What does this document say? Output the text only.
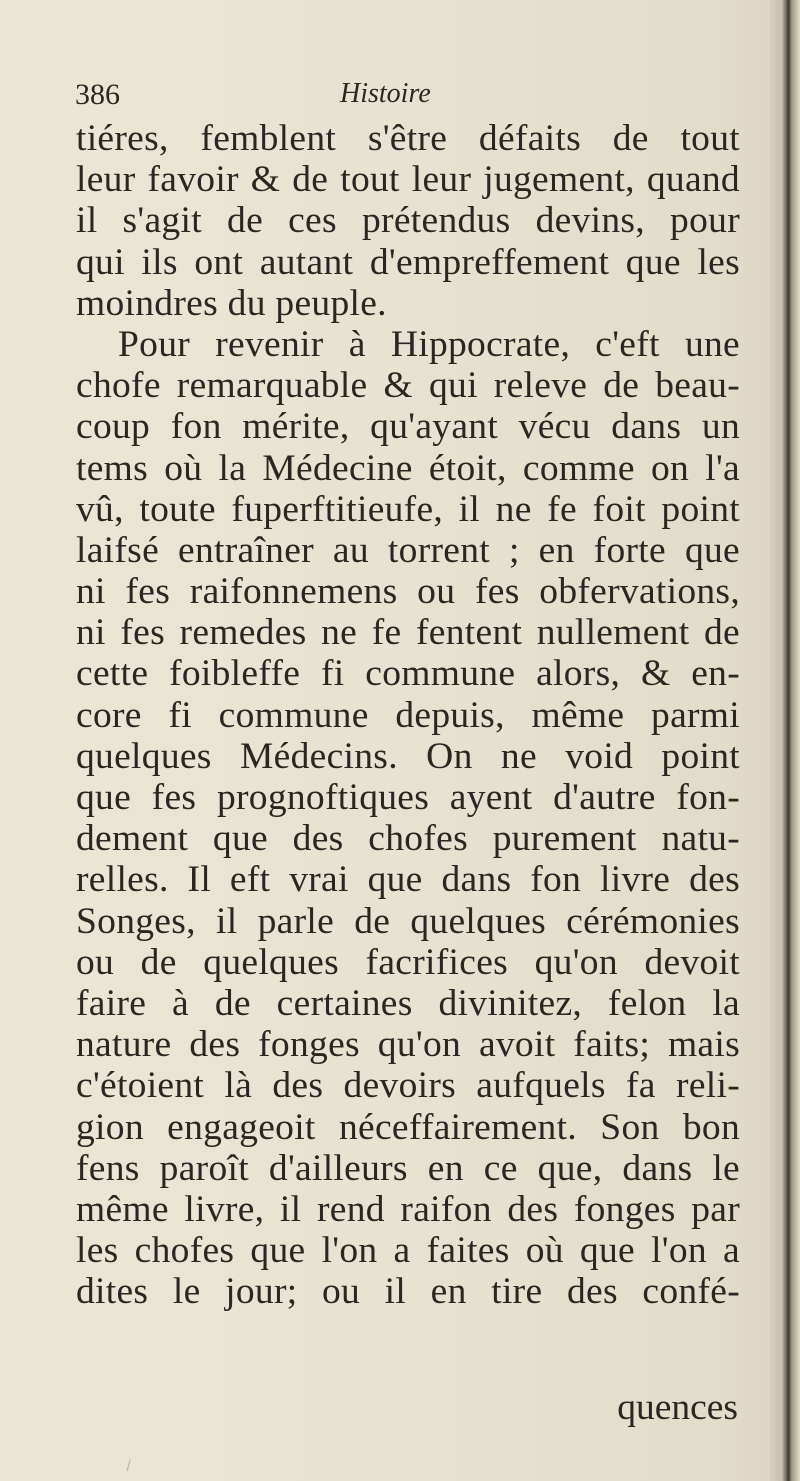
386	Histoire
tiéres, femblent s'être défaits de tout
leur favoir & de tout leur jugement, quand
il s'agit de ces prétendus devins, pour
qui ils ont autant d'empreffement que les
moindres du peuple.
Pour revenir à Hippocrate, c'eft une
chofe remarquable & qui releve de beau-
coup fon mérite, qu'ayant vécu dans un
tems où la Médecine étoit, comme on l'a
vû, toute fuperftitieufe, il ne fe foit point
laifsé entraîner au torrent ; en forte que
ni fes raifonnemens ou fes obfervations,
ni fes remedes ne fe fentent nullement de
cette foibleffe fi commune alors, & en-
core fi commune depuis, même parmi
quelques Médecins. On ne void point
que fes prognoftiques ayent d'autre fon-
dement que des chofes purement natu-
relles. Il eft vrai que dans fon livre des
Songes, il parle de quelques cérémonies
ou de quelques facrifices qu'on devoit
faire à de certaines divinitez, felon la
nature des fonges qu'on avoit faits; mais
c'étoient là des devoirs aufquels fa reli-
gion engageoit néceffairement. Son bon
fens paroît d'ailleurs en ce que, dans le
même livre, il rend raifon des fonges par
les chofes que l'on a faites où que l'on a
dites le jour; ou il en tire des confé-
quences
